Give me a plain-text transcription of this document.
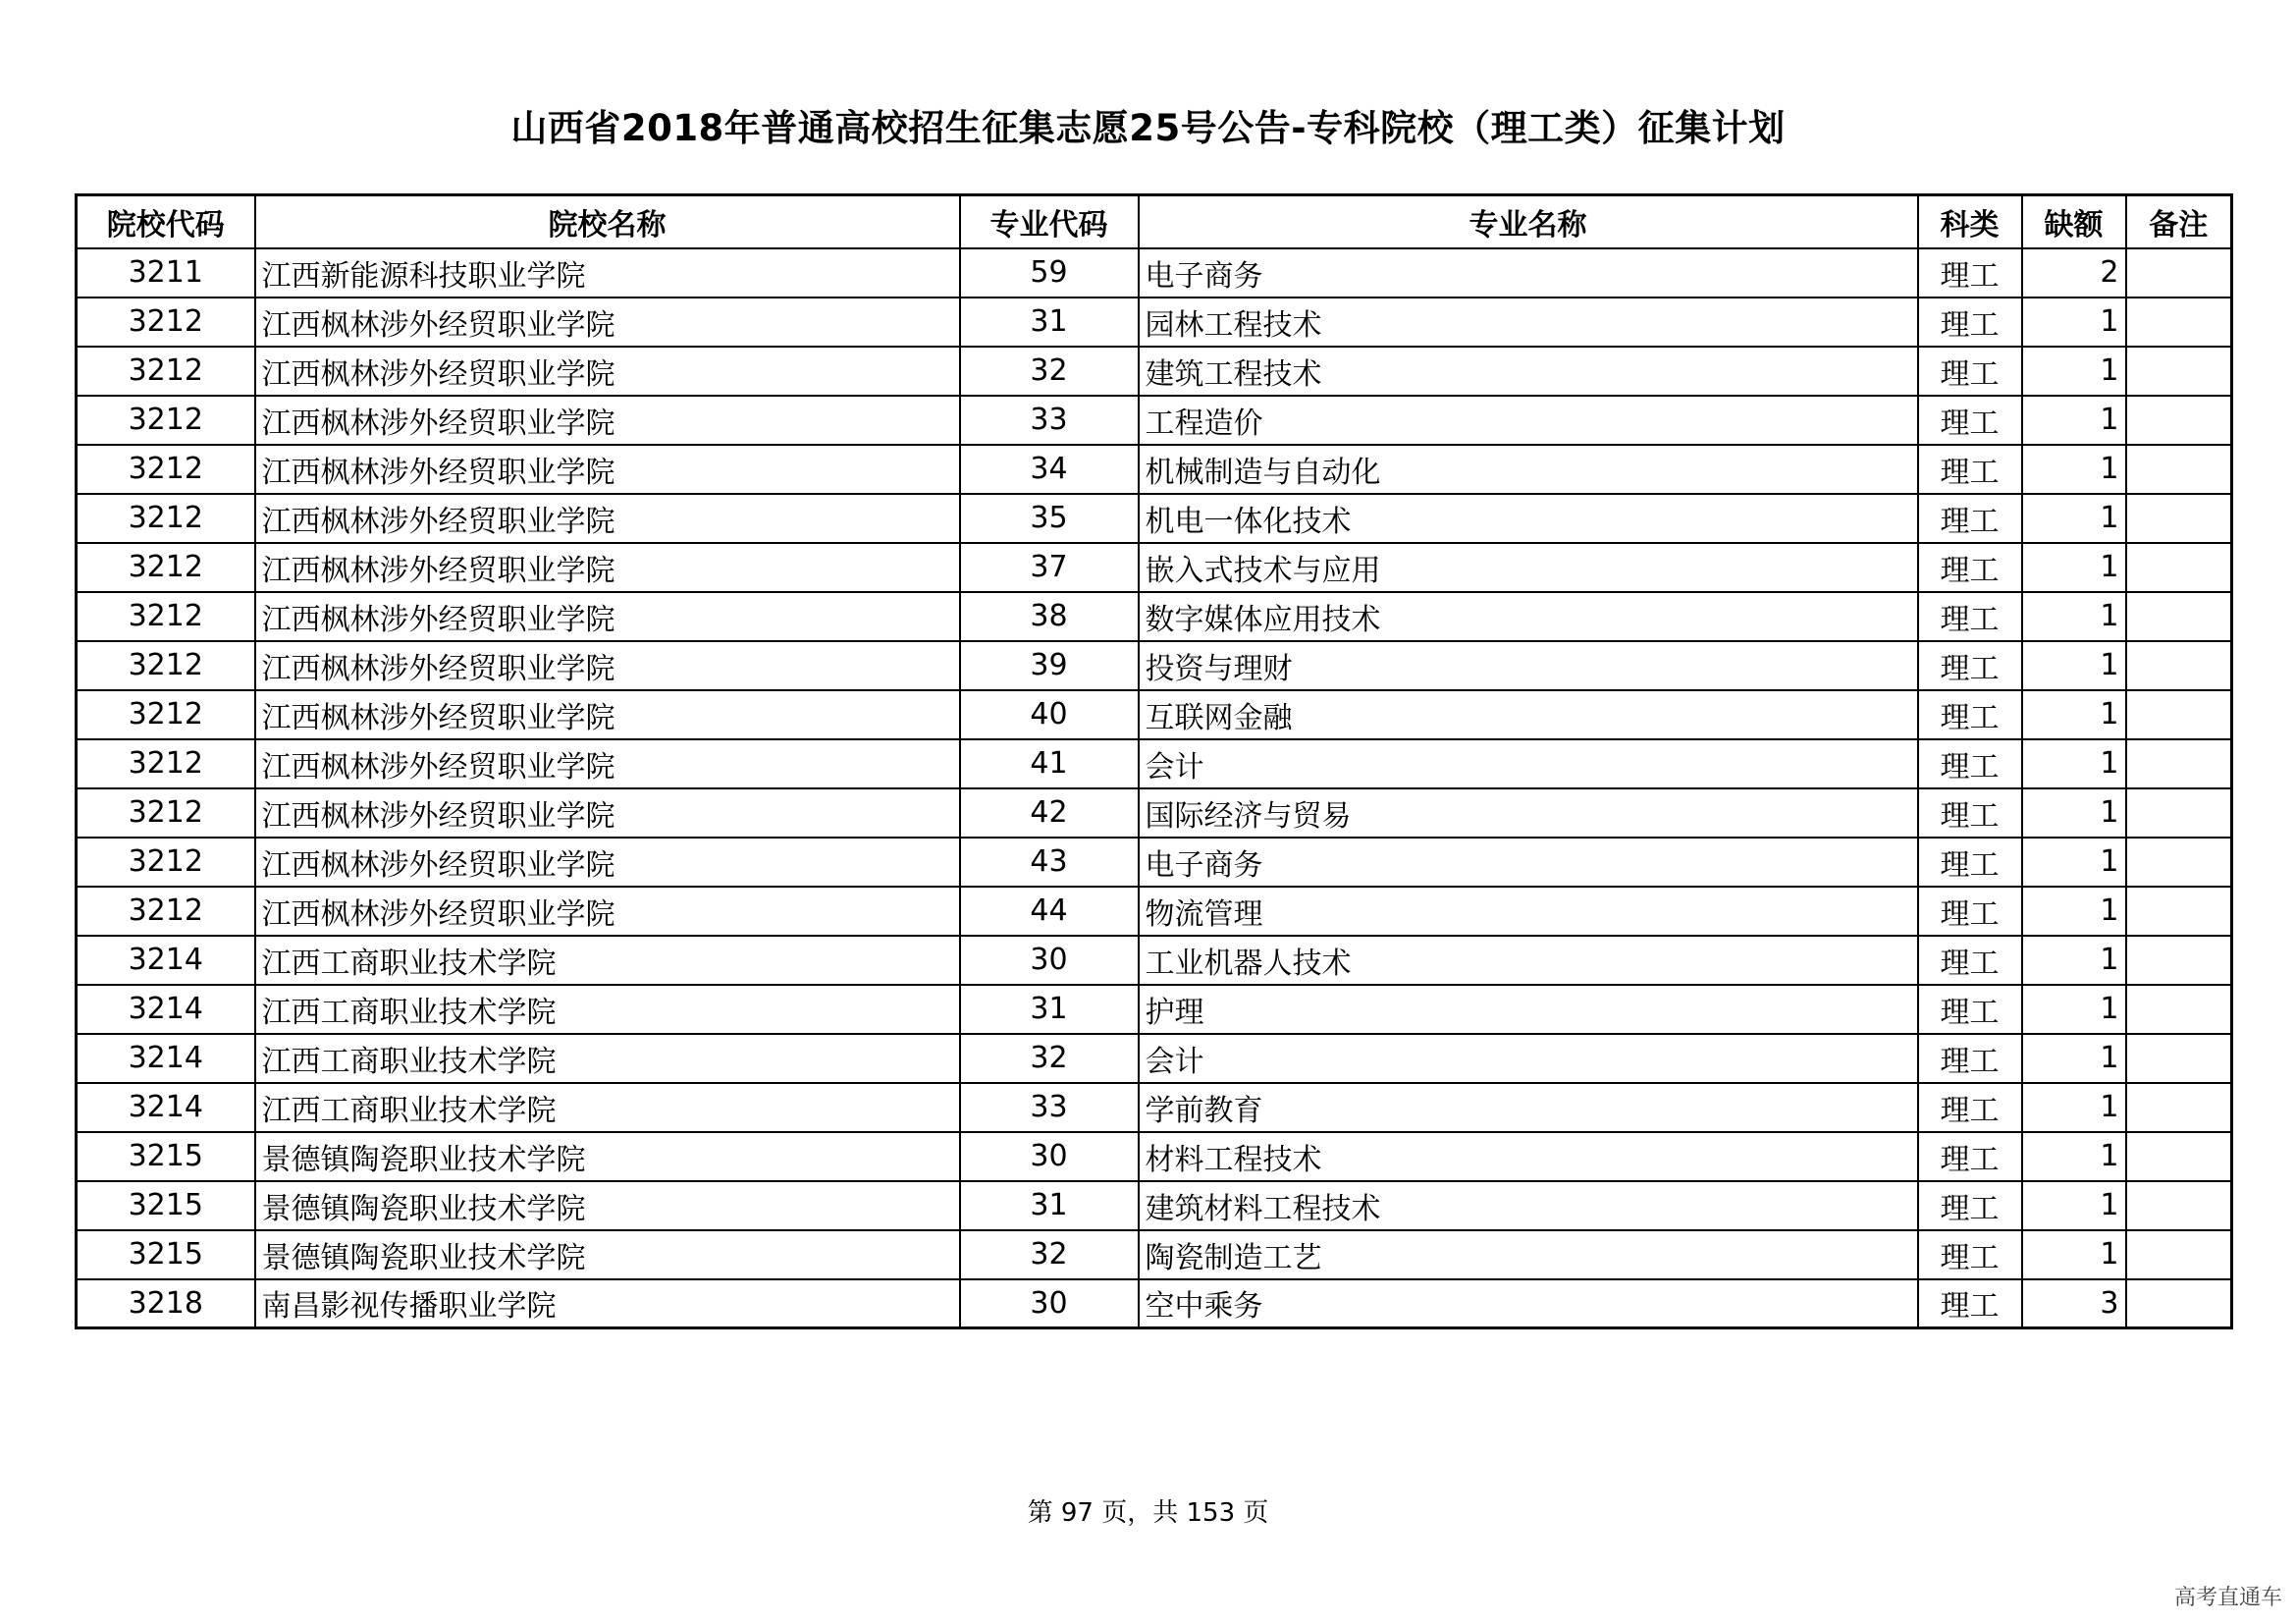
山西省2018年普通高校招生征集志愿25号公告-专科院校（理工类）征集计划
院校代码	院校名称	专业代码	专业名称	科类	缺额	备注
3211	江西新能源科技职业学院	59	电子商务	理工	2	
3212	江西枫林涉外经贸职业学院	31	园林工程技术	理工	1	
3212	江西枫林涉外经贸职业学院	32	建筑工程技术	理工	1	
3212	江西枫林涉外经贸职业学院	33	工程造价	理工	1	
3212	江西枫林涉外经贸职业学院	34	机械制造与自动化	理工	1	
3212	江西枫林涉外经贸职业学院	35	机电一体化技术	理工	1	
3212	江西枫林涉外经贸职业学院	37	嵌入式技术与应用	理工	1	
3212	江西枫林涉外经贸职业学院	38	数字媒体应用技术	理工	1	
3212	江西枫林涉外经贸职业学院	39	投资与理财	理工	1	
3212	江西枫林涉外经贸职业学院	40	互联网金融	理工	1	
3212	江西枫林涉外经贸职业学院	41	会计	理工	1	
3212	江西枫林涉外经贸职业学院	42	国际经济与贸易	理工	1	
3212	江西枫林涉外经贸职业学院	43	电子商务	理工	1	
3212	江西枫林涉外经贸职业学院	44	物流管理	理工	1	
3214	江西工商职业技术学院	30	工业机器人技术	理工	1	
3214	江西工商职业技术学院	31	护理	理工	1	
3214	江西工商职业技术学院	32	会计	理工	1	
3214	江西工商职业技术学院	33	学前教育	理工	1	
3215	景德镇陶瓷职业技术学院	30	材料工程技术	理工	1	
3215	景德镇陶瓷职业技术学院	31	建筑材料工程技术	理工	1	
3215	景德镇陶瓷职业技术学院	32	陶瓷制造工艺	理工	1	
3218	南昌影视传播职业学院	30	空中乘务	理工	3	
第 97 页，共 153 页
高考直通车
